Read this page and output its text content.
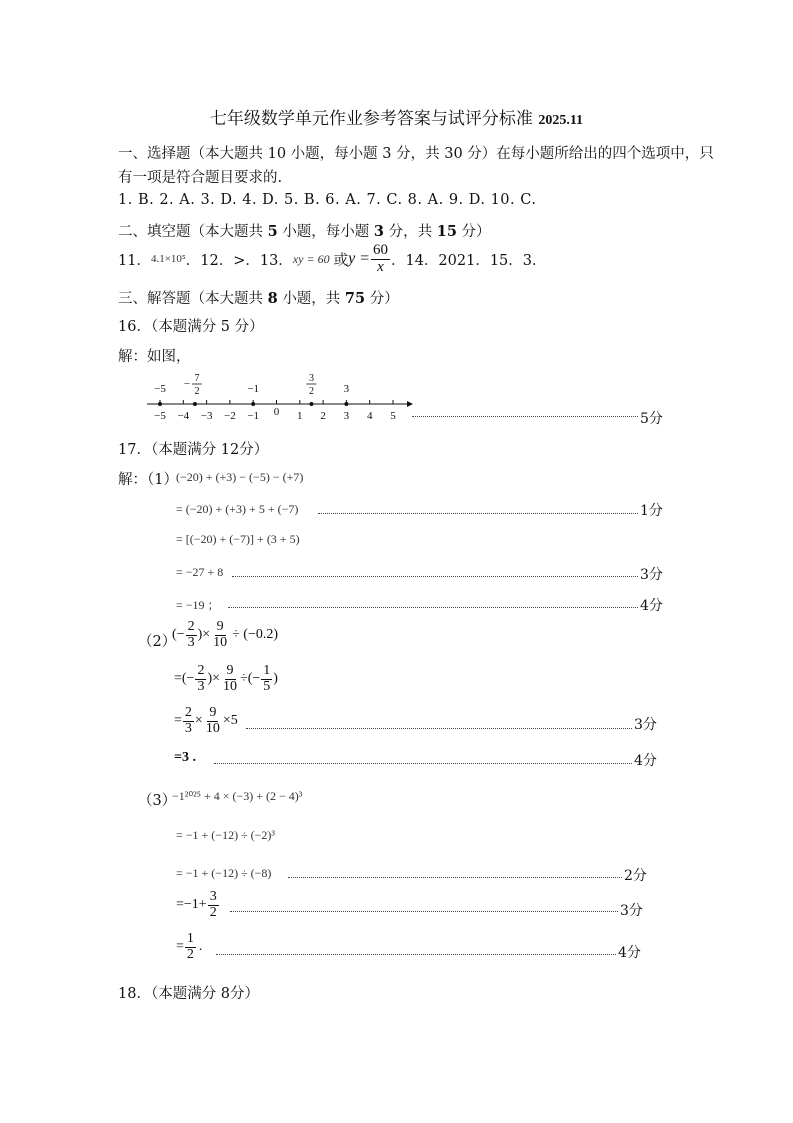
七年级数学单元作业参考答案与试评分标准 2025.11
一、选择题（本大题共 10 小题，每小题 3 分，共 30 分）在每小题所给出的四个选项中，只
有一项是符合题目要求的.
1. B. 2. A. 3. D. 4. D. 5. B. 6. A. 7. C. 8. A. 9. D. 10. C.
二、填空题（本大题共 5 小题，每小题 3 分，共 15 分）
11． 4.1×10⁵ ．12．>．13． xy = 60 或 $y = \frac{60}{x}$ ．14．2021．15．3．
三、解答题（本大题共 8 小题，共 75 分）
16．（本题满分 5 分）
解：如图，
−5 −4 −3 −2 −1 0 1 2 3 4 5
−5 − 7
2	−1
3
2	3
5分
17．（本题满分 12分）
解：（1）
(−20) + (+3) − (−5) − (+7)
= (−20) + (+3) + 5 + (−7)	1分
= [(−20) + (−7)] + (3 + 5)
= −27 + 8	3分
= −19 ；	4分
（2）
(− $\frac{2}{3}$ )× $\frac{9}{10} \div (-0.2)$
=(− $\frac{2}{3}$ )× $\frac{9}{10}$ ÷(− $\frac{1}{5}$ )
= $\frac{2}{3} \times \frac{9}{10} \times 5$	3分
=3 .	4分
（3）
−1²⁰²⁵ + 4 × (−3) + (2 − 4)³
= −1 + (−12) ÷ (−2)³
= −1 + (−12) ÷ (−8)	2分
$=-1+ \frac{3}{2}$	3分
= $\frac{1}{2}$ .	4分
18．（本题满分 8分）
